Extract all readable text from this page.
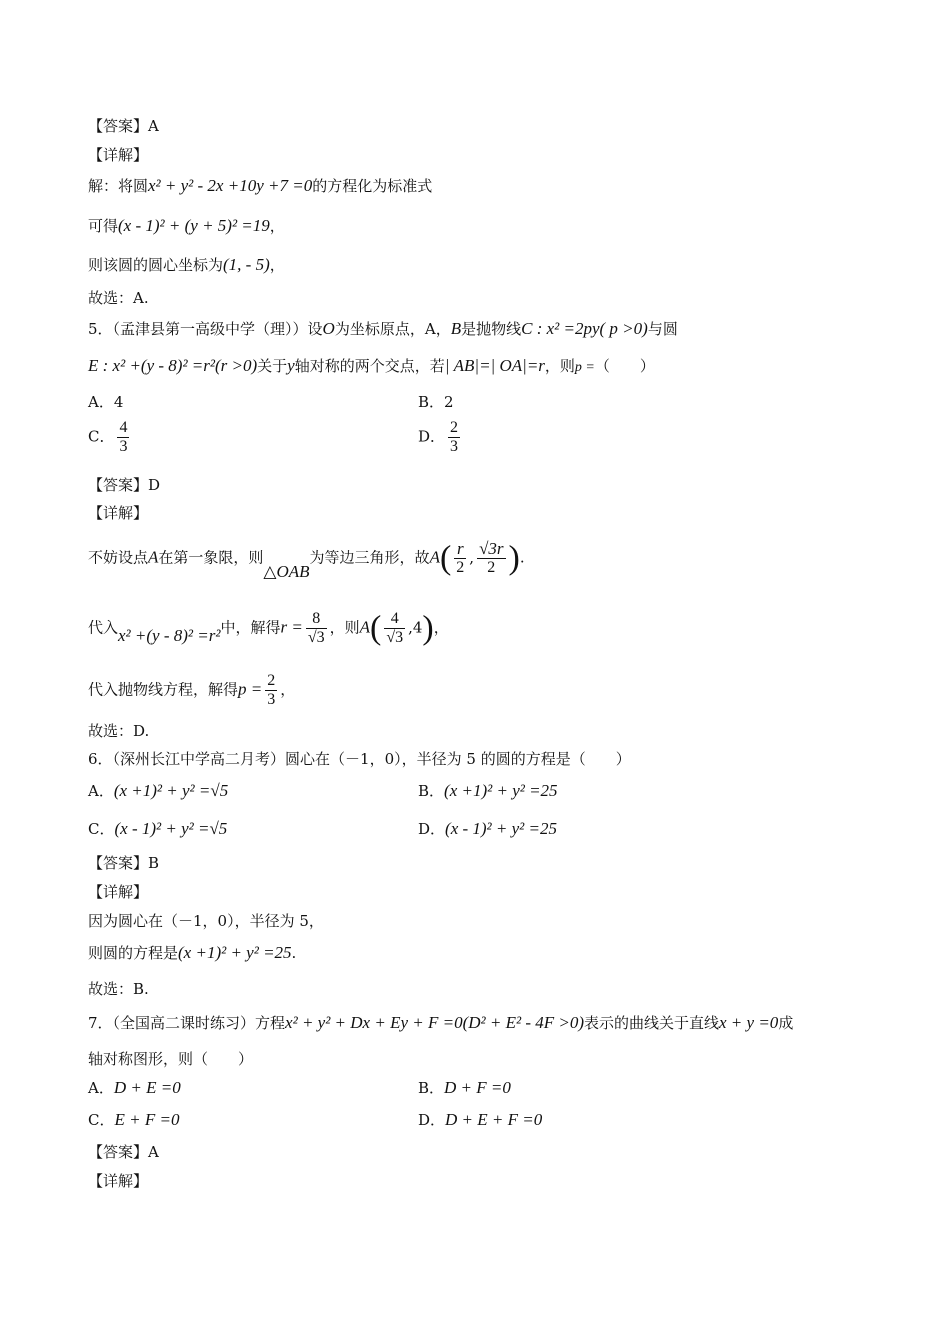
【答案】A
【详解】
解：将圆x² + y² - 2x +10y +7 =0的方程化为标准式
可得(x - 1)² + (y + 5)² =19，
则该圆的圆心坐标为(1, - 5)，
故选：A.
5．（孟津县第一高级中学（理））设O为坐标原点，A，B是抛物线C : x² =2py( p >0)与圆
E : x² +(y - 8)² =r²(r >0)关于y轴对称的两个交点，若| AB|=| OA|=r，则p =（　　）
A．4	B．2
C． $\frac{4}{3}$	D． $\frac{2}{3}$
【答案】D
【详解】
不妨设点A在第一象限，则△OAB为等边三角形，故$A( \frac{r}{2}$ , $\frac{√3r}{2}$ ).
代入x² +(y - 8)² =r²中，解得$r = \frac{8}{√3}$ ，则$A( \frac{4}{√3} ,4)$，
代入抛物线方程，解得$p = \frac{2}{3}$ ，
故选：D.
6．（深州长江中学高二月考）圆心在（－1，0），半径为 5 的圆的方程是（　　）
A．(x +1)² + y² =√5	B．(x +1)² + y² =25
C．(x - 1)² + y² =√5	D．(x - 1)² + y² =25
【答案】B
【详解】
因为圆心在（－1，0），半径为 5，
则圆的方程是(x +1)² + y² =25.
故选：B.
7．（全国高二课时练习）方程x² + y² + Dx + Ey + F =0(D² + E² - 4F >0)表示的曲线关于直线x + y =0成
轴对称图形，则（　　）
A．D + E =0	B．D + F =0
C．E + F =0	D．D + E + F =0
【答案】A
【详解】
